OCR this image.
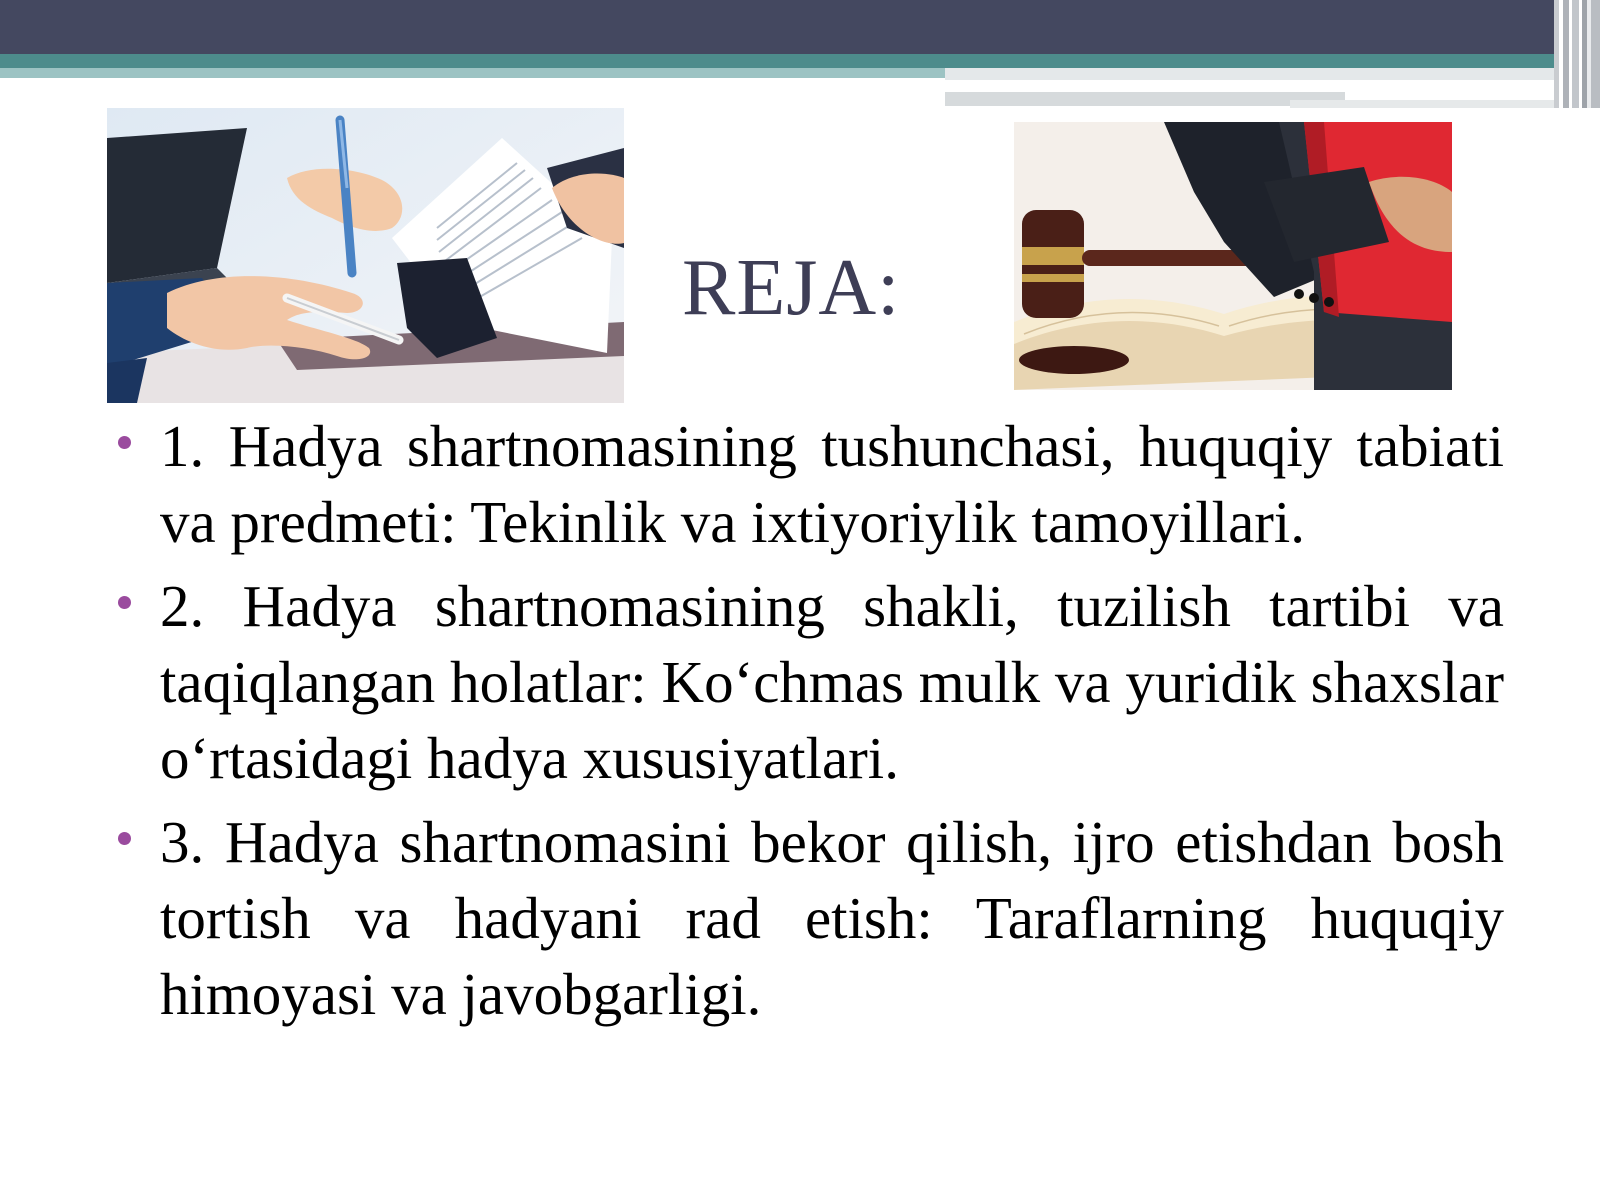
REJA:
1. Hadya shartnomasining tushunchasi, huquqiy tabiati va predmeti: Tekinlik va ixtiyoriylik tamoyillari.
2. Hadya shartnomasining shakli, tuzilish tartibi va taqiqlangan holatlar: Ko‘chmas mulk va yuridik shaxslar o‘rtasidagi hadya xususiyatlari.
3. Hadya shartnomasini bekor qilish, ijro etishdan bosh tortish va hadyani rad etish: Taraflarning huquqiy himoyasi va javobgarligi.
